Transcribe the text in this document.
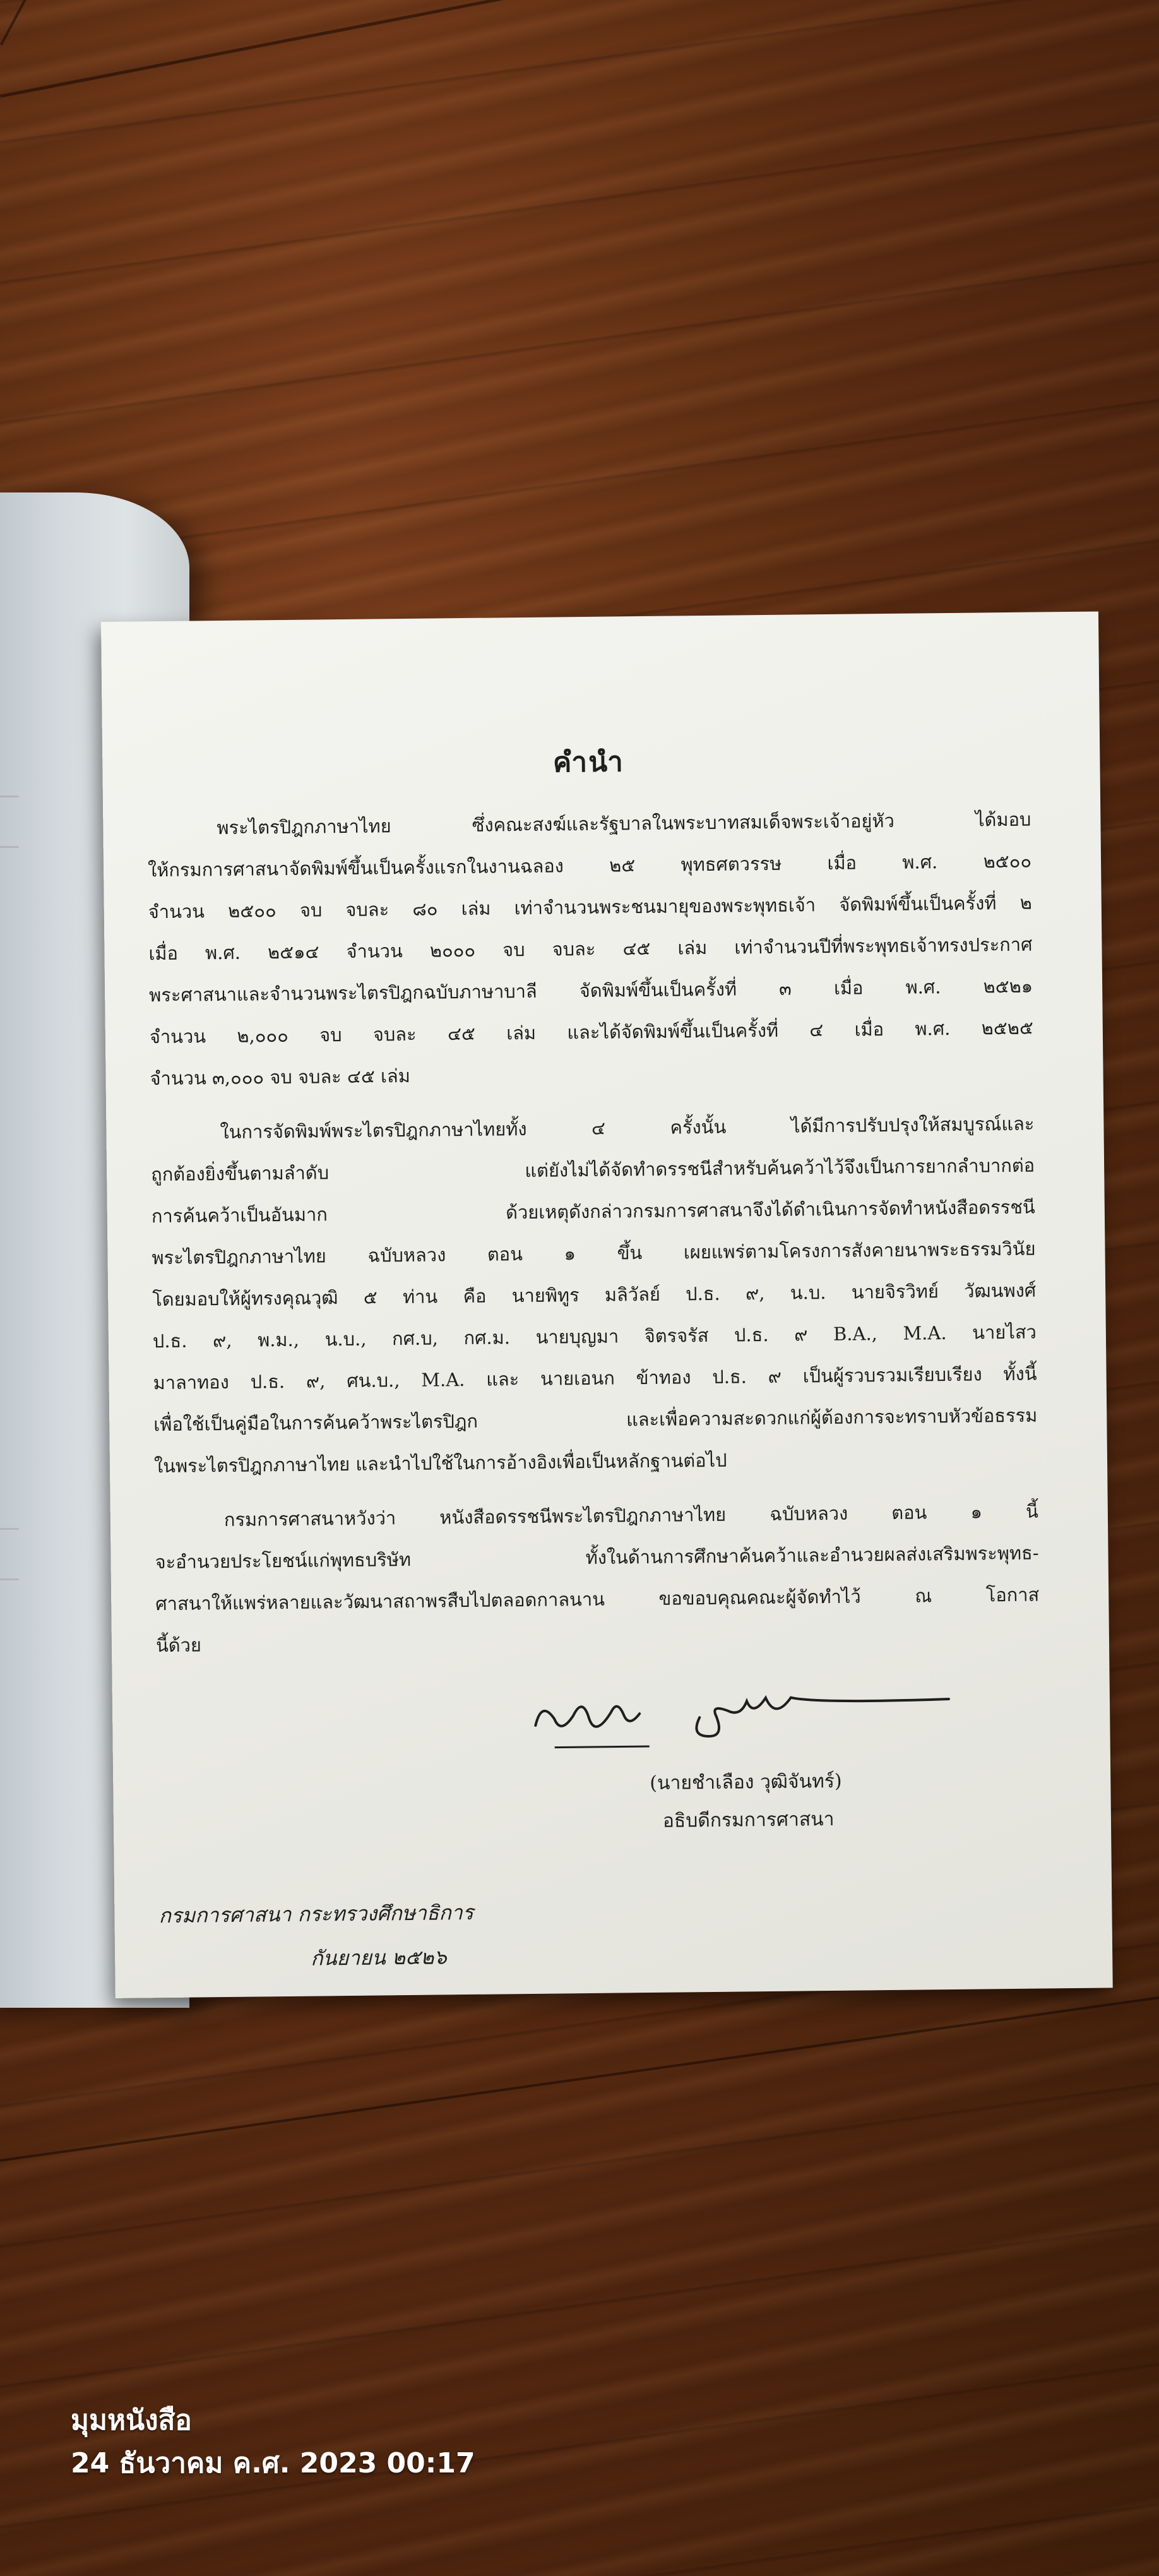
คำนำ
พระไตรปิฎกภาษาไทย ซึ่งคณะสงฆ์และรัฐบาลในพระบาทสมเด็จพระเจ้าอยู่หัว ได้มอบ
ให้กรมการศาสนาจัดพิมพ์ขึ้นเป็นครั้งแรกในงานฉลอง ๒๕ พุทธศตวรรษ เมื่อ พ.ศ. ๒๕๐๐
จำนวน ๒๕๐๐ จบ จบละ ๘๐ เล่ม เท่าจำนวนพระชนมายุของพระพุทธเจ้า จัดพิมพ์ขึ้นเป็นครั้งที่ ๒
เมื่อ พ.ศ. ๒๕๑๔ จำนวน ๒๐๐๐ จบ จบละ ๔๕ เล่ม เท่าจำนวนปีที่พระพุทธเจ้าทรงประกาศ
พระศาสนาและจำนวนพระไตรปิฎกฉบับภาษาบาลี จัดพิมพ์ขึ้นเป็นครั้งที่ ๓ เมื่อ พ.ศ. ๒๕๒๑
จำนวน ๒,๐๐๐ จบ จบละ ๔๕ เล่ม และได้จัดพิมพ์ขึ้นเป็นครั้งที่ ๔ เมื่อ พ.ศ. ๒๕๒๕
จำนวน ๓,๐๐๐ จบ จบละ ๔๕ เล่ม
ในการจัดพิมพ์พระไตรปิฎกภาษาไทยทั้ง ๔ ครั้งนั้น ได้มีการปรับปรุงให้สมบูรณ์และ
ถูกต้องยิ่งขึ้นตามลำดับ แต่ยังไม่ได้จัดทำดรรชนีสำหรับค้นคว้าไว้จึงเป็นการยากลำบากต่อ
การค้นคว้าเป็นอันมาก ด้วยเหตุดังกล่าวกรมการศาสนาจึงได้ดำเนินการจัดทำหนังสือดรรชนี
พระไตรปิฎกภาษาไทย ฉบับหลวง ตอน ๑ ขึ้น เผยแพร่ตามโครงการสังคายนาพระธรรมวินัย
โดยมอบให้ผู้ทรงคุณวุฒิ ๕ ท่าน คือ นายพิทูร มลิวัลย์ ป.ธ. ๙, น.บ. นายจิรวิทย์ วัฒนพงศ์
ป.ธ. ๙, พ.ม., น.บ., กศ.บ, กศ.ม. นายบุญมา จิตรจรัส ป.ธ. ๙ B.A., M.A. นายไสว
มาลาทอง ป.ธ. ๙, ศน.บ., M.A. และ นายเอนก ข้าทอง ป.ธ. ๙ เป็นผู้รวบรวมเรียบเรียง ทั้งนี้
เพื่อใช้เป็นคู่มือในการค้นคว้าพระไตรปิฎก และเพื่อความสะดวกแก่ผู้ต้องการจะทราบหัวข้อธรรม
ในพระไตรปิฎกภาษาไทย และนำไปใช้ในการอ้างอิงเพื่อเป็นหลักฐานต่อไป
กรมการศาสนาหวังว่า หนังสือดรรชนีพระไตรปิฎกภาษาไทย ฉบับหลวง ตอน ๑ นี้
จะอำนวยประโยชน์แก่พุทธบริษัท ทั้งในด้านการศึกษาค้นคว้าและอำนวยผลส่งเสริมพระพุทธ-
ศาสนาให้แพร่หลายและวัฒนาสถาพรสืบไปตลอดกาลนาน ขอขอบคุณคณะผู้จัดทำไว้ ณ โอกาส
นี้ด้วย
(นายชำเลือง วุฒิจันทร์)
อธิบดีกรมการศาสนา
กรมการศาสนา กระทรวงศึกษาธิการ
กันยายน ๒๕๒๖
มุมหนังสือ
24 ธันวาคม ค.ศ. 2023 00:17
